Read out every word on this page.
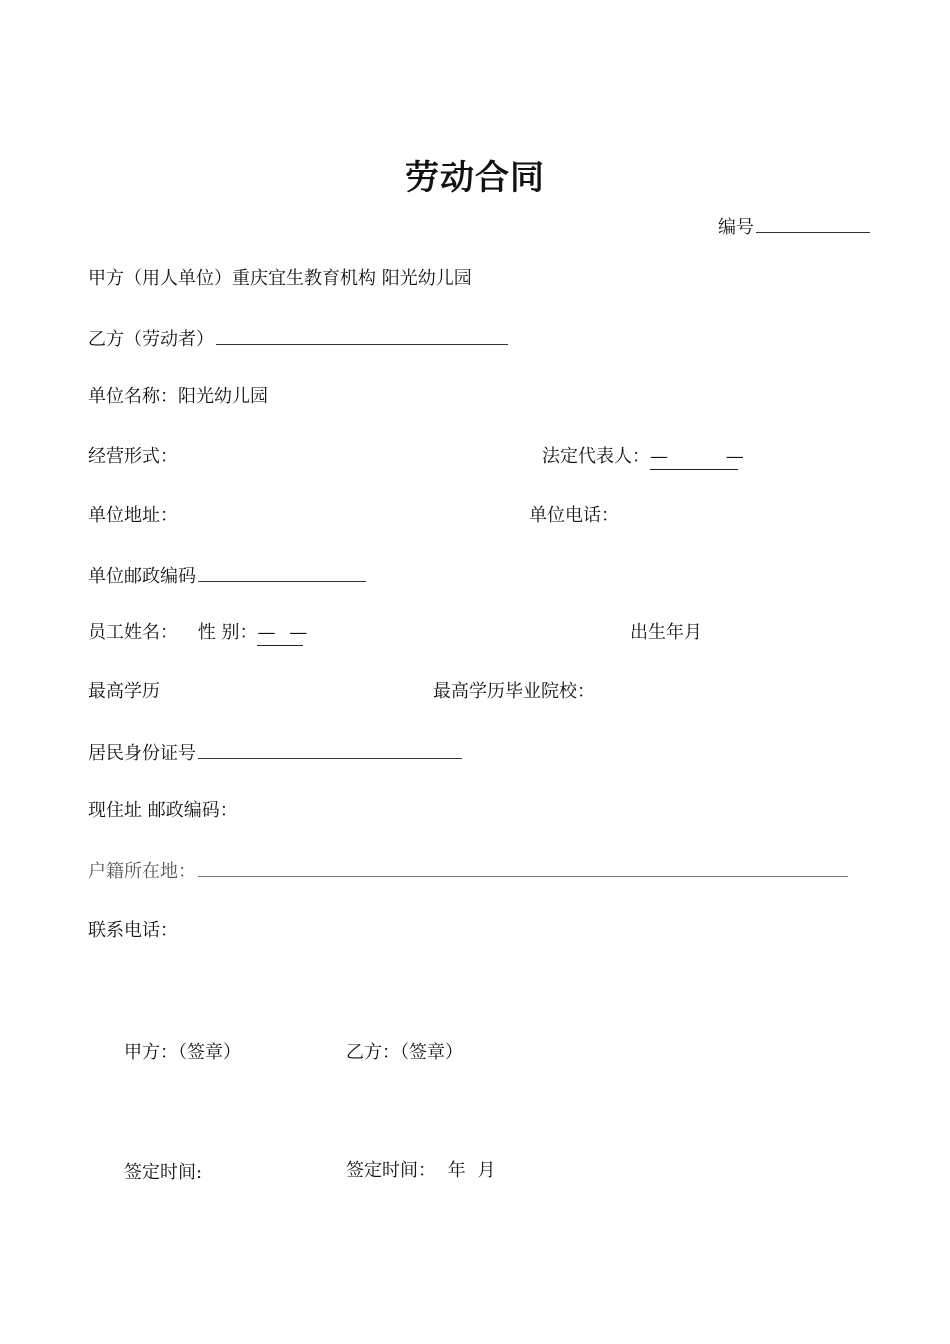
劳动合同
编号
甲方（用人单位）重庆宜生教育机构 阳光幼儿园
乙方（劳动者）
单位名称：阳光幼儿园
经营形式：	法定代表人：— —
单位地址：	单位电话：
单位邮政编码
员工姓名： 性 别：— —	出生年月
最高学历	最高学历毕业院校：
居民身份证号
现住址 邮政编码：
户籍所在地：
联系电话：
甲方：（签章）	乙方：（签章）
签定时间:	签定时间： 年 月
